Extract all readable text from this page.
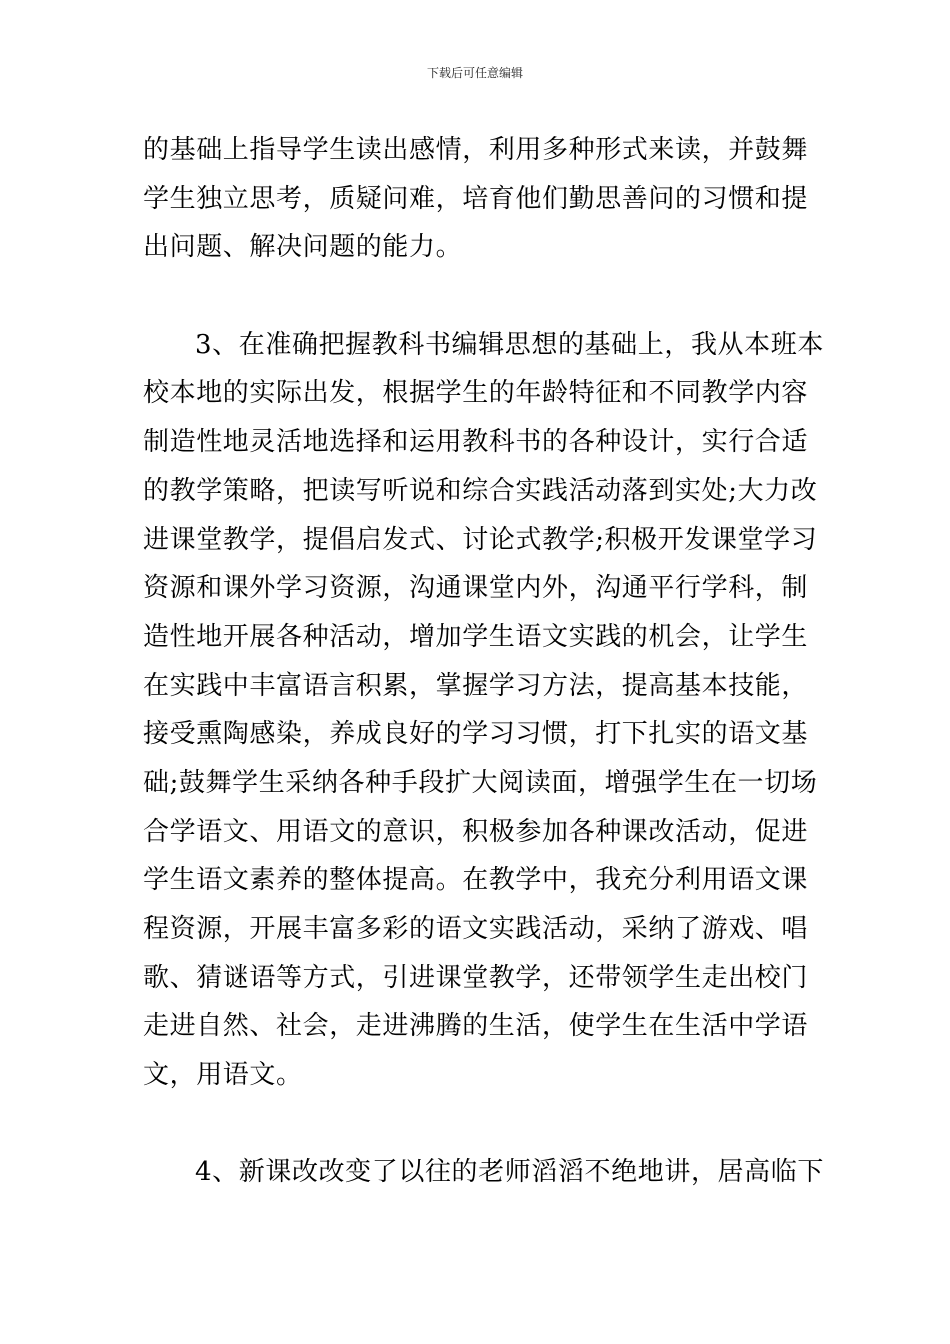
下载后可任意编辑
的基础上指导学生读出感情，利用多种形式来读，并鼓舞
学生独立思考，质疑问难，培育他们勤思善问的习惯和提
出问题、解决问题的能力。
3、在准确把握教科书编辑思想的基础上，我从本班本
校本地的实际出发，根据学生的年龄特征和不同教学内容
制造性地灵活地选择和运用教科书的各种设计，实行合适
的教学策略，把读写听说和综合实践活动落到实处;大力改
进课堂教学，提倡启发式、讨论式教学;积极开发课堂学习
资源和课外学习资源，沟通课堂内外，沟通平行学科，制
造性地开展各种活动，增加学生语文实践的机会，让学生
在实践中丰富语言积累，掌握学习方法，提高基本技能，
接受熏陶感染，养成良好的学习习惯，打下扎实的语文基
础;鼓舞学生采纳各种手段扩大阅读面，增强学生在一切场
合学语文、用语文的意识，积极参加各种课改活动，促进
学生语文素养的整体提高。在教学中，我充分利用语文课
程资源，开展丰富多彩的语文实践活动，采纳了游戏、唱
歌、猜谜语等方式，引进课堂教学，还带领学生走出校门
走进自然、社会，走进沸腾的生活，使学生在生活中学语
文，用语文。
4、新课改改变了以往的老师滔滔不绝地讲，居高临下
